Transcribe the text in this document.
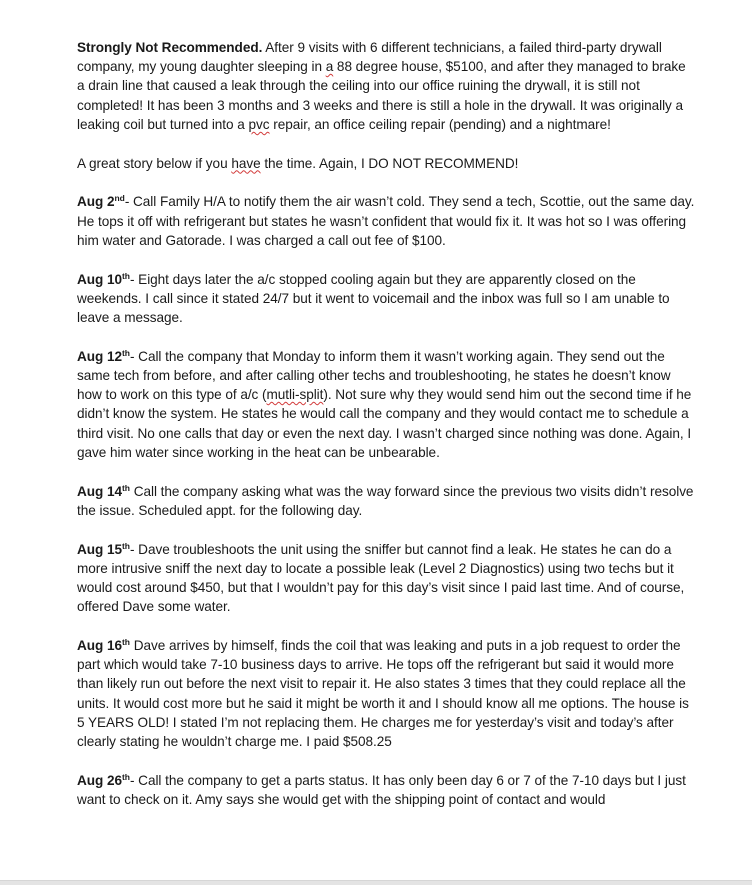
Strongly Not Recommended. After 9 visits with 6 different technicians, a failed third-party drywall company, my young daughter sleeping in a 88 degree house, $5100, and after they managed to brake a drain line that caused a leak through the ceiling into our office ruining the drywall, it is still not completed! It has been 3 months and 3 weeks and there is still a hole in the drywall. It was originally a leaking coil but turned into a pvc repair, an office ceiling repair (pending) and a nightmare!

A great story below if you have the time. Again, I DO NOT RECOMMEND!

Aug 2nd- Call Family H/A to notify them the air wasn’t cold. They send a tech, Scottie, out the same day. He tops it off with refrigerant but states he wasn’t confident that would fix it. It was hot so I was offering him water and Gatorade. I was charged a call out fee of $100.

Aug 10th- Eight days later the a/c stopped cooling again but they are apparently closed on the weekends. I call since it stated 24/7 but it went to voicemail and the inbox was full so I am unable to leave a message.

Aug 12th- Call the company that Monday to inform them it wasn’t working again. They send out the same tech from before, and after calling other techs and troubleshooting, he states he doesn’t know how to work on this type of a/c (mutli-split). Not sure why they would send him out the second time if he didn’t know the system. He states he would call the company and they would contact me to schedule a third visit. No one calls that day or even the next day. I wasn’t charged since nothing was done. Again, I gave him water since working in the heat can be unbearable.

Aug 14th Call the company asking what was the way forward since the previous two visits didn’t resolve the issue. Scheduled appt. for the following day.

Aug 15th- Dave troubleshoots the unit using the sniffer but cannot find a leak. He states he can do a more intrusive sniff the next day to locate a possible leak (Level 2 Diagnostics) using two techs but it would cost around $450, but that I wouldn’t pay for this day’s visit since I paid last time. And of course, offered Dave some water.

Aug 16th Dave arrives by himself, finds the coil that was leaking and puts in a job request to order the part which would take 7-10 business days to arrive. He tops off the refrigerant but said it would more than likely run out before the next visit to repair it. He also states 3 times that they could replace all the units. It would cost more but he said it might be worth it and I should know all me options. The house is 5 YEARS OLD! I stated I’m not replacing them. He charges me for yesterday’s visit and today’s after clearly stating he wouldn’t charge me. I paid $508.25

Aug 26th- Call the company to get a parts status. It has only been day 6 or 7 of the 7-10 days but I just want to check on it. Amy says she would get with the shipping point of contact and would
